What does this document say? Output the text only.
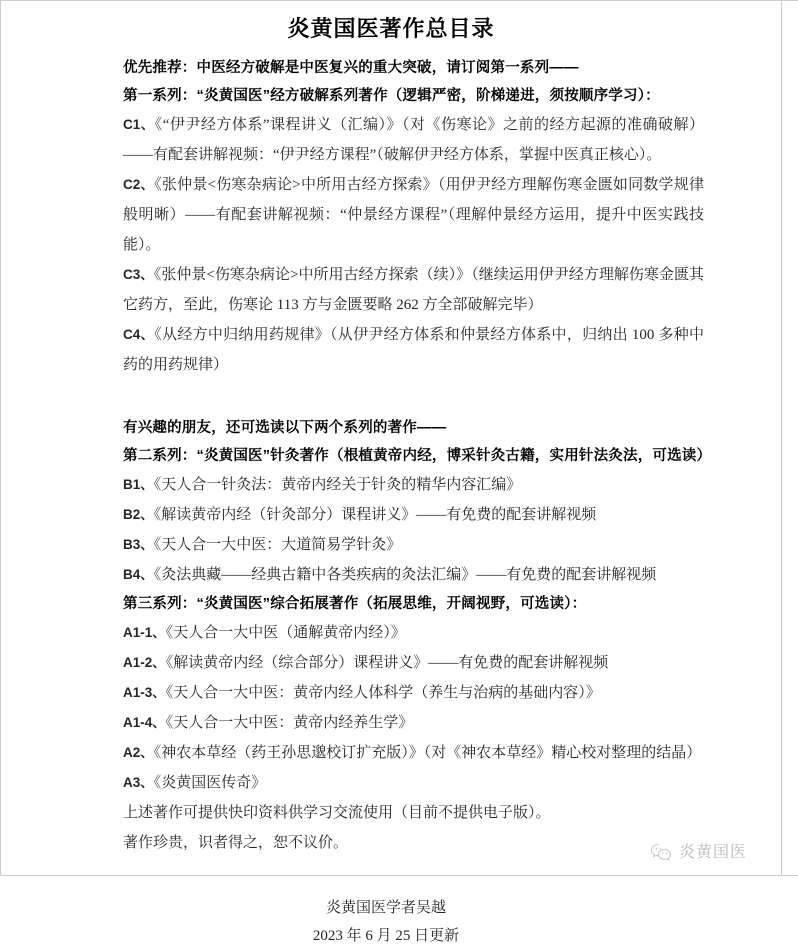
炎黄国医著作总目录

优先推荐：中医经方破解是中医复兴的重大突破，请订阅第一系列——

第一系列：“炎黄国医”经方破解系列著作（逻辑严密，阶梯递进，须按顺序学习）：

C1、《“伊尹经方体系”课程讲义（汇编）》（对《伤寒论》之前的经方起源的准确破解）——有配套讲解视频：“伊尹经方课程”（破解伊尹经方体系，掌握中医真正核心）。

C2、《张仲景<伤寒杂病论>中所用古经方探索》（用伊尹经方理解伤寒金匮如同数学规律般明晰）——有配套讲解视频：“仲景经方课程”（理解仲景经方运用，提升中医实践技能）。

C3、《张仲景<伤寒杂病论>中所用古经方探索（续）》（继续运用伊尹经方理解伤寒金匮其它药方，至此，伤寒论 113 方与金匮要略 262 方全部破解完毕）

C4、《从经方中归纳用药规律》（从伊尹经方体系和仲景经方体系中，归纳出 100 多种中药的用药规律）

有兴趣的朋友，还可选读以下两个系列的著作——

第二系列：“炎黄国医”针灸著作（根植黄帝内经，博采针灸古籍，实用针法灸法，可选读）

B1、《天人合一针灸法：黄帝内经关于针灸的精华内容汇编》

B2、《解读黄帝内经（针灸部分）课程讲义》——有免费的配套讲解视频

B3、《天人合一大中医：大道简易学针灸》

B4、《灸法典藏——经典古籍中各类疾病的灸法汇编》——有免费的配套讲解视频

第三系列：“炎黄国医”综合拓展著作（拓展思维，开阔视野，可选读）：

A1-1、《天人合一大中医（通解黄帝内经）》

A1-2、《解读黄帝内经（综合部分）课程讲义》——有免费的配套讲解视频

A1-3、《天人合一大中医：黄帝内经人体科学（养生与治病的基础内容）》

A1-4、《天人合一大中医：黄帝内经养生学》

A2、《神农本草经（药王孙思邈校订扩充版）》（对《神农本草经》精心校对整理的结晶）

A3、《炎黄国医传奇》

上述著作可提供快印资料供学习交流使用（目前不提供电子版）。

著作珍贵，识者得之，恕不议价。

炎黄国医学者吴越
2023 年 6 月 25 日更新
炎黄国医
